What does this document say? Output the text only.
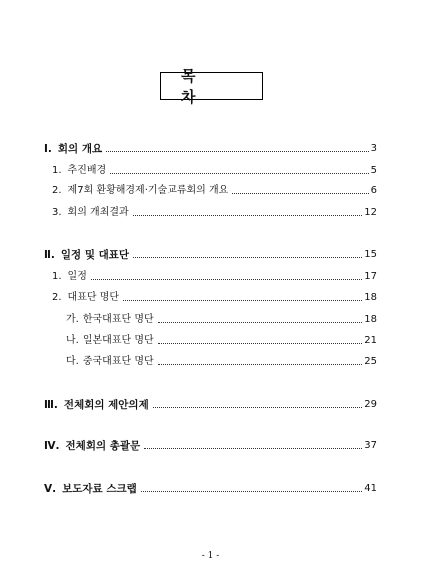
목 차
Ⅰ. 회의 개요	3
1. 추진배경	5
2. 제7회 환황해경제·기술교류회의 개요	6
3. 회의 개최결과	12
Ⅱ. 일정 및 대표단	15
1. 일정	17
2. 대표단 명단	18
가. 한국대표단 명단	18
나. 일본대표단 명단	21
다. 중국대표단 명단	25
Ⅲ. 전체회의 제안의제	29
Ⅳ. 전체회의 총괄문	37
Ⅴ. 보도자료 스크랩	41
- 1 -
